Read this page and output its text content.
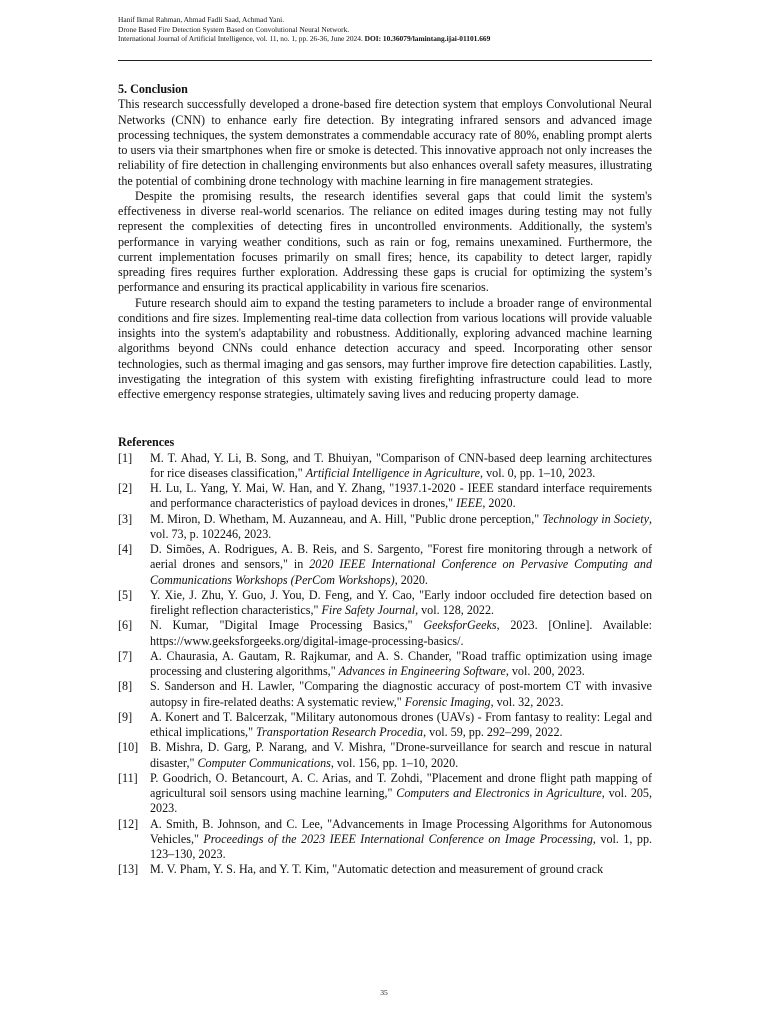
Hanif Ikmal Rahman, Ahmad Fadli Saad, Achmad Yani.
Drone Based Fire Detection System Based on Convolutional Neural Network.
International Journal of Artificial Intelligence, vol. 11, no. 1, pp. 26-36, June 2024. DOI: 10.36079/lamintang.ijai-01101.669
5. Conclusion

This research successfully developed a drone-based fire detection system that employs Convolutional Neural Networks (CNN) to enhance early fire detection. By integrating infrared sensors and advanced image processing techniques, the system demonstrates a commendable accuracy rate of 80%, enabling prompt alerts to users via their smartphones when fire or smoke is detected. This innovative approach not only increases the reliability of fire detection in challenging environments but also enhances overall safety measures, illustrating the potential of combining drone technology with machine learning in fire management strategies.

Despite the promising results, the research identifies several gaps that could limit the system's effectiveness in diverse real-world scenarios. The reliance on edited images during testing may not fully represent the complexities of detecting fires in uncontrolled environments. Additionally, the system's performance in varying weather conditions, such as rain or fog, remains unexamined. Furthermore, the current implementation focuses primarily on small fires; hence, its capability to detect larger, rapidly spreading fires requires further exploration. Addressing these gaps is crucial for optimizing the system’s performance and ensuring its practical applicability in various fire scenarios.

Future research should aim to expand the testing parameters to include a broader range of environmental conditions and fire sizes. Implementing real-time data collection from various locations will provide valuable insights into the system's adaptability and robustness. Additionally, exploring advanced machine learning algorithms beyond CNNs could enhance detection accuracy and speed. Incorporating other sensor technologies, such as thermal imaging and gas sensors, may further improve fire detection capabilities. Lastly, investigating the integration of this system with existing firefighting infrastructure could lead to more effective emergency response strategies, ultimately saving lives and reducing property damage.

References
[1]	M. T. Ahad, Y. Li, B. Song, and T. Bhuiyan, "Comparison of CNN-based deep learning architectures for rice diseases classification," Artificial Intelligence in Agriculture, vol. 0, pp. 1–10, 2023.
[2]	H. Lu, L. Yang, Y. Mai, W. Han, and Y. Zhang, "1937.1-2020 - IEEE standard interface requirements and performance characteristics of payload devices in drones," IEEE, 2020.
[3]	M. Miron, D. Whetham, M. Auzanneau, and A. Hill, "Public drone perception," Technology in Society, vol. 73, p. 102246, 2023.
[4]	D. Simões, A. Rodrigues, A. B. Reis, and S. Sargento, "Forest fire monitoring through a network of aerial drones and sensors," in 2020 IEEE International Conference on Pervasive Computing and Communications Workshops (PerCom Workshops), 2020.
[5]	Y. Xie, J. Zhu, Y. Guo, J. You, D. Feng, and Y. Cao, "Early indoor occluded fire detection based on firelight reflection characteristics," Fire Safety Journal, vol. 128, 2022.
[6]	N. Kumar, "Digital Image Processing Basics," GeeksforGeeks, 2023. [Online]. Available: https://www.geeksforgeeks.org/digital-image-processing-basics/.
[7]	A. Chaurasia, A. Gautam, R. Rajkumar, and A. S. Chander, "Road traffic optimization using image processing and clustering algorithms," Advances in Engineering Software, vol. 200, 2023.
[8]	S. Sanderson and H. Lawler, "Comparing the diagnostic accuracy of post-mortem CT with invasive autopsy in fire-related deaths: A systematic review," Forensic Imaging, vol. 32, 2023.
[9]	A. Konert and T. Balcerzak, "Military autonomous drones (UAVs) - From fantasy to reality: Legal and ethical implications," Transportation Research Procedia, vol. 59, pp. 292–299, 2022.
[10] B. Mishra, D. Garg, P. Narang, and V. Mishra, "Drone-surveillance for search and rescue in natural disaster," Computer Communications, vol. 156, pp. 1–10, 2020.
[11]	P. Goodrich, O. Betancourt, A. C. Arias, and T. Zohdi, "Placement and drone flight path mapping of agricultural soil sensors using machine learning," Computers and Electronics in Agriculture, vol. 205, 2023.
[12] A. Smith, B. Johnson, and C. Lee, "Advancements in Image Processing Algorithms for Autonomous Vehicles," Proceedings of the 2023 IEEE International Conference on Image Processing, vol. 1, pp. 123–130, 2023.
[13] M. V. Pham, Y. S. Ha, and Y. T. Kim, "Automatic detection and measurement of ground crack
35
